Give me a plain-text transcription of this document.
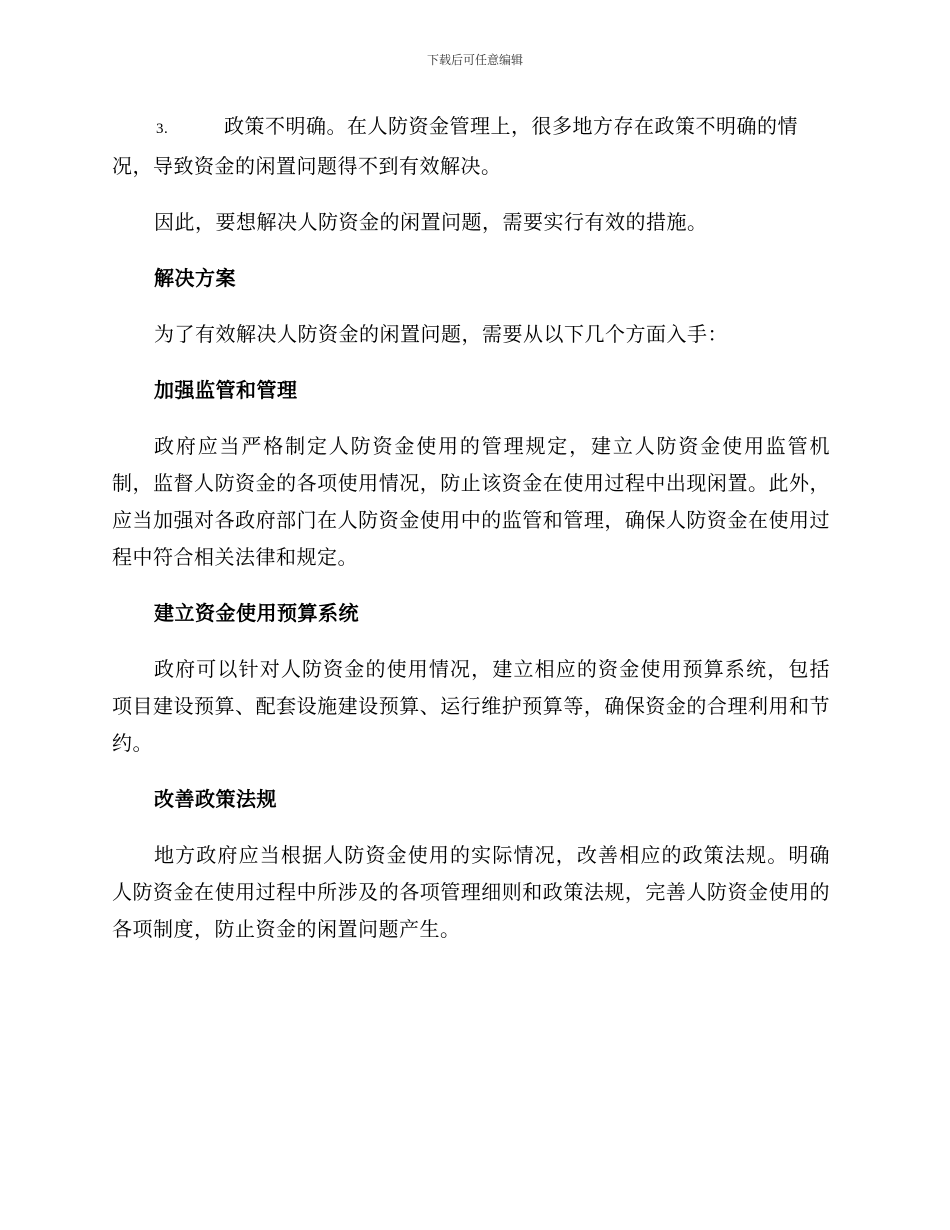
下载后可任意编辑

3.	政策不明确。在人防资金管理上，很多地方存在政策不明确的情况，导致资金的闲置问题得不到有效解决。

因此，要想解决人防资金的闲置问题，需要实行有效的措施。

解决方案

为了有效解决人防资金的闲置问题，需要从以下几个方面入手：

加强监管和管理

政府应当严格制定人防资金使用的管理规定，建立人防资金使用监管机制，监督人防资金的各项使用情况，防止该资金在使用过程中出现闲置。此外，应当加强对各政府部门在人防资金使用中的监管和管理，确保人防资金在使用过程中符合相关法律和规定。

建立资金使用预算系统

政府可以针对人防资金的使用情况，建立相应的资金使用预算系统，包括项目建设预算、配套设施建设预算、运行维护预算等，确保资金的合理利用和节约。

改善政策法规

地方政府应当根据人防资金使用的实际情况，改善相应的政策法规。明确人防资金在使用过程中所涉及的各项管理细则和政策法规，完善人防资金使用的各项制度，防止资金的闲置问题产生。
